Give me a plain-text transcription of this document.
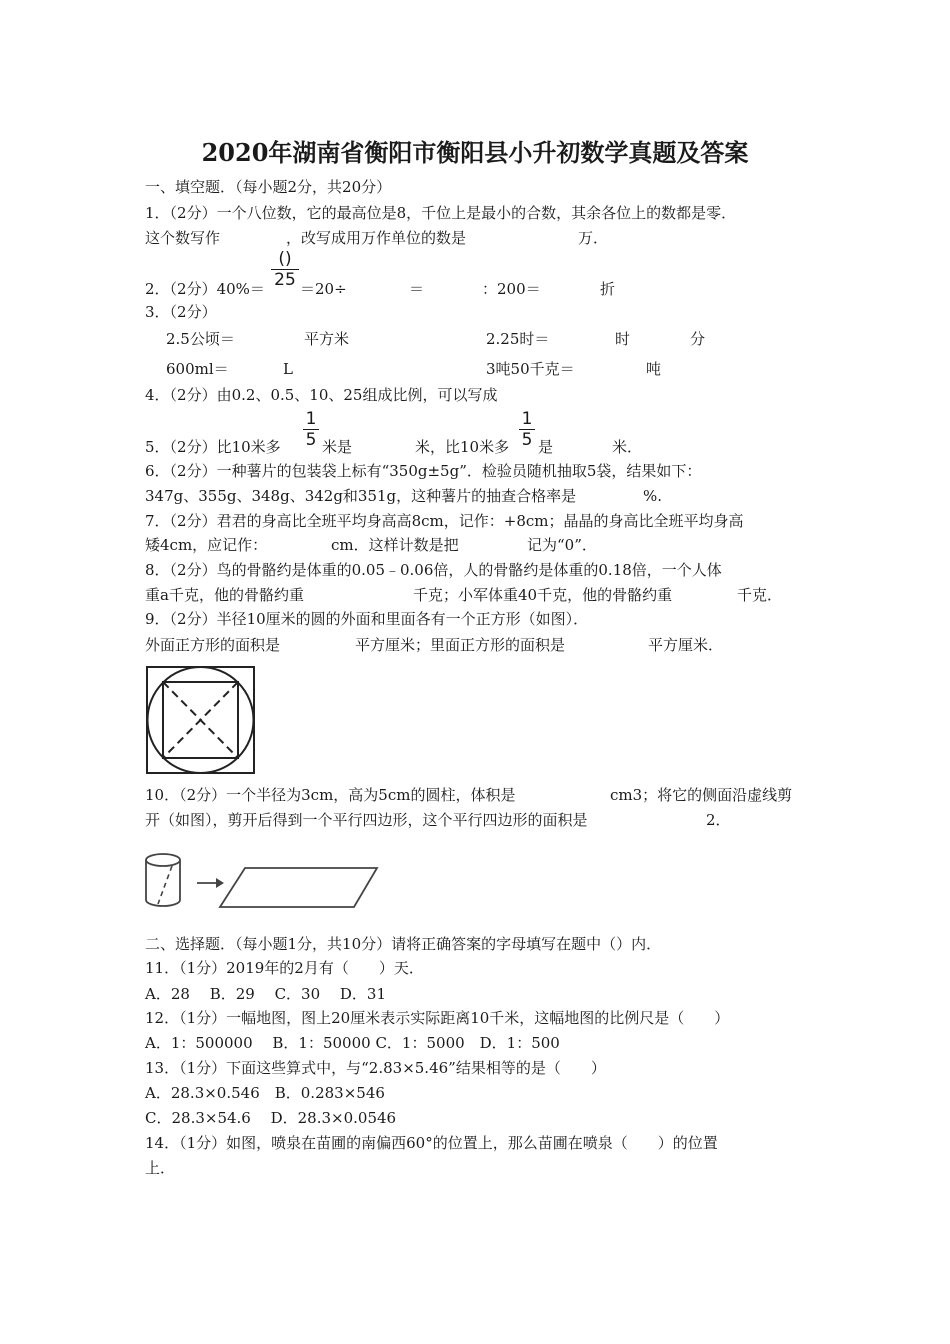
2020年湖南省衡阳市衡阳县小升初数学真题及答案
一、填空题．（每小题2分，共20分）
1．（2分）一个八位数，它的最高位是8，千位上是最小的合数，其余各位上的数都是零．
这个数写作	，改写成用万作单位的数是	万．
2．（2分）40%＝
()
25 ＝20÷	＝	：200＝	折
3．（2分）
2.5公顷＝	平方米	2.25时＝	时	分
600ml＝	L	3吨50千克＝	吨
4．（2分）由0.2、0.5、10、25组成比例，可以写成
5．（2分）比10米多
1
5 米是	米，比10米多
1
5 是	米．
6．（2分）一种薯片的包装袋上标有“350g±5g”．检验员随机抽取5袋，结果如下：
347g、355g、348g、342g和351g，这种薯片的抽查合格率是	%.
7．（2分）君君的身高比全班平均身高高8cm，记作：+8cm；晶晶的身高比全班平均身高
矮4cm，应记作：	cm．这样计数是把	记为“0”．
8．（2分）鸟的骨骼约是体重的0.05﹣0.06倍，人的骨骼约是体重的0.18倍，一个人体
重a千克，他的骨骼约重	千克；小军体重40千克，他的骨骼约重	千克．
9．（2分）半径10厘米的圆的外面和里面各有一个正方形（如图）．
外面正方形的面积是	平方厘米；里面正方形的面积是	平方厘米．
10．（2分）一个半径为3cm，高为5cm的圆柱，体积是	cm3；将它的侧面沿虚线剪
开（如图），剪开后得到一个平行四边形，这个平行四边形的面积是	2．
二、选择题．（每小题1分，共10分）请将正确答案的字母填写在题中（）内．
11．（1分）2019年的2月有（　　）天．
A．28　 B．29　 C．30　 D．31
12．（1分）一幅地图，图上20厘米表示实际距离10千米，这幅地图的比例尺是（　　）
A．1：500000　 B．1：50000 C．1：5000　D．1：500
13．（1分）下面这些算式中，与“2.83×5.46”结果相等的是（　　）
A．28.3×0.546　B．0.283×546
C．28.3×54.6　 D．28.3×0.0546
14．（1分）如图，喷泉在苗圃的南偏西60°的位置上，那么苗圃在喷泉（　　）的位置
上．
